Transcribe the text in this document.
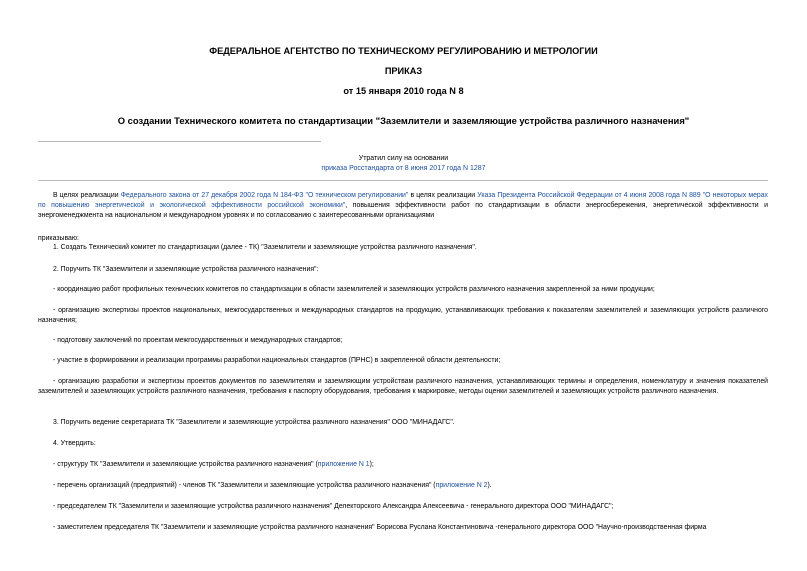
ФЕДЕРАЛЬНОЕ АГЕНТСТВО ПО ТЕХНИЧЕСКОМУ РЕГУЛИРОВАНИЮ И МЕТРОЛОГИИ
ПРИКАЗ
от 15 января 2010 года N 8
О создании Технического комитета по стандартизации "Заземлители и заземляющие устройства различного назначения"
Утратил силу на основании
приказа Росстандарта от 8 июня 2017 года N 1287
В целях реализации Федерального закона от 27 декабря 2002 года N 184-ФЗ "О техническом регулировании" в целях реализации Указа Президента Российской Федерации от 4 июня 2008 года N 889 "О некоторых мерах по повышению энергетической и экологической эффективности российской экономики", повышения эффективности работ по стандартизации в области энергосбережения, энергетической эффективности и энергоменеджмента на национальном и международном уровнях и по согласованию с заинтересованными организациями
приказываю:
1. Создать Технический комитет по стандартизации (далее - ТК) "Заземлители и заземляющие устройства различного назначения".
2. Поручить ТК "Заземлители и заземляющие устройства различного назначения":
- координацию работ профильных технических комитетов по стандартизации в области заземлителей и заземляющих устройств различного назначения закрепленной за ними продукции;
- организацию экспертизы проектов национальных, межгосударственных и международных стандартов на продукцию, устанавливающих требования к показателям заземлителей и заземляющих устройств различного назначения;
- подготовку заключений по проектам межгосударственных и международных стандартов;
- участие в формировании и реализации программы разработки национальных стандартов (ПРНС) в закрепленной области деятельности;
- организацию разработки и экспертизы проектов документов по заземлителям и заземляющим устройствам различного назначения, устанавливающих термины и определения, номенклатуру и значения показателей заземлителей и заземляющих устройств различного назначения, требования к паспорту оборудования, требования к маркировке, методы оценки заземлителей и заземляющих устройств различного назначения.
3. Поручить ведение секретариата ТК "Заземлители и заземляющие устройства различного назначения" ООО "МИНАДАГС".
4. Утвердить:
- структуру ТК "Заземлители и заземляющие устройства различного назначения" (приложение N 1);
- перечень организаций (предприятий) - членов ТК "Заземлители и заземляющие устройства различного назначения" (приложение N 2).
- председателем ТК "Заземлители и заземляющие устройства различного назначения" Делекторского Александра Алексеевича - генерального директора ООО "МИНАДАГС";
- заместителем председателя ТК "Заземлители и заземляющие устройства различного назначения" Борисова Руслана Константиновича -генерального директора ООО "Научно-производственная фирма
